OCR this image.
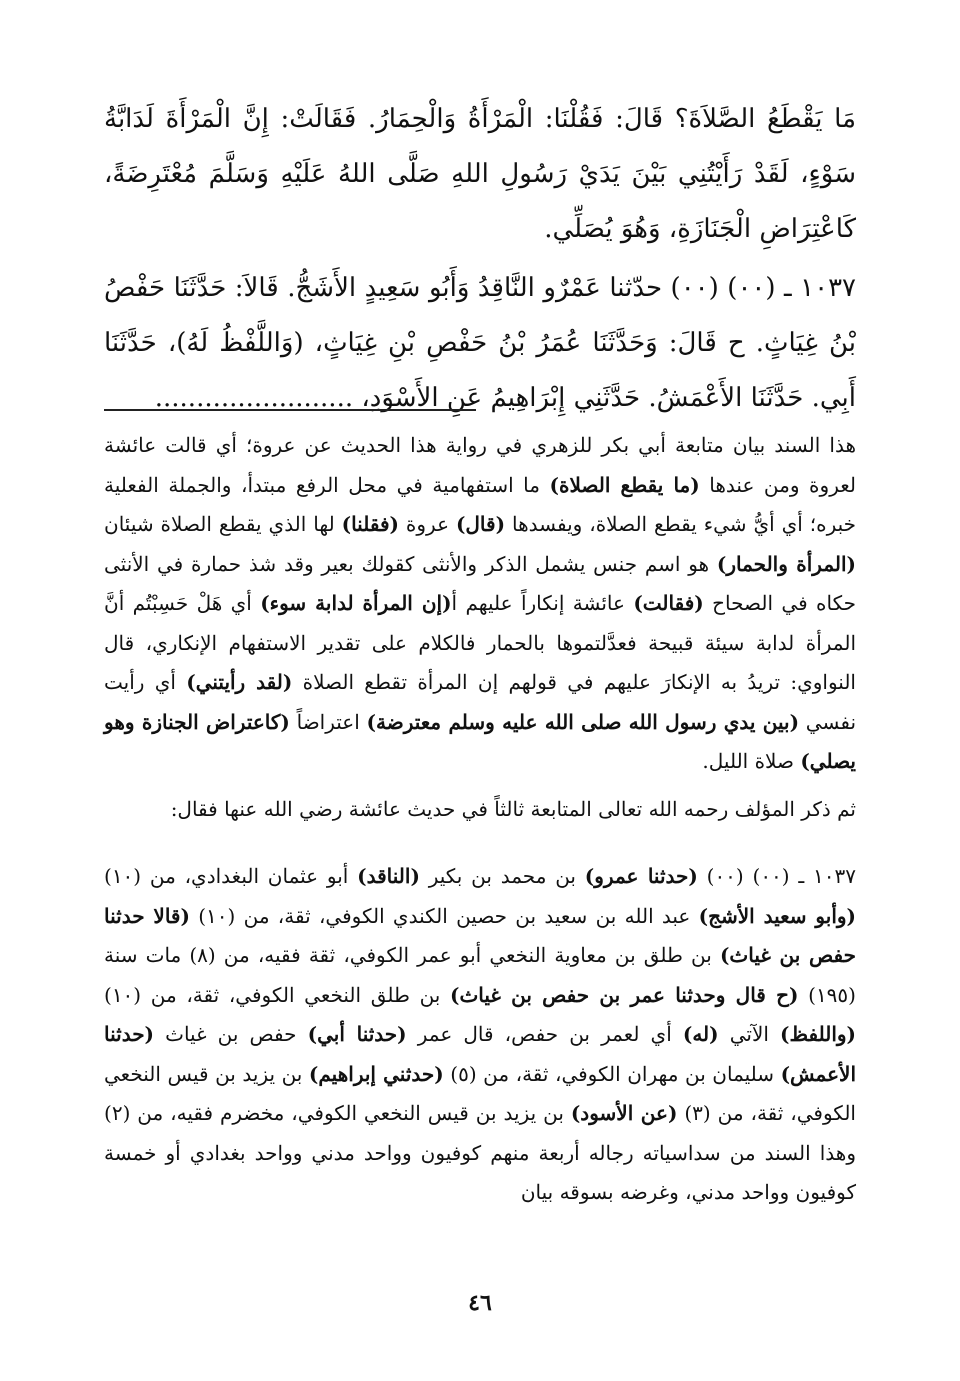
مَا يَقْطَعُ الصَّلاَةَ؟ قَالَ: فَقُلْنَا: الْمَرْأَةُ وَالْحِمَارُ. فَقَالَتْ: إِنَّ الْمَرْأَةَ لَدَابَّةُ سَوْءٍ، لَقَدْ رَأَيْتُنِي بَيْنَ يَدَيْ رَسُولِ اللهِ صَلَّى اللهُ عَلَيْهِ وَسَلَّمَ مُعْتَرِضَةً، كَاعْتِرَاضِ الْجَنَازَةِ، وَهُوَ يُصَلِّي.

١٠٣٧ ـ (٠٠) (٠٠) حدّثنا عَمْرٌو النَّاقِدُ وَأَبُو سَعِيدٍ الأَشَجُّ. قَالاَ: حَدَّثَنَا حَفْصُ بْنُ غِيَاثٍ. ح قَالَ: وَحَدَّثَنَا عُمَرُ بْنُ حَفْصِ بْنِ غِيَاثٍ، (وَاللَّفْظُ لَهُ)، حَدَّثَنَا أَبِي. حَدَّثَنَا الأَعْمَشُ. حَدَّثَنِي إِبْرَاهِيمُ عَنِ الأَسْوَدِ، ........................

هذا السند بيان متابعة أبي بكر للزهري في رواية هذا الحديث عن عروة؛ أي قالت عائشة لعروة ومن عندها (ما يقطع الصلاة) ما استفهامية في محل الرفع مبتدأ، والجملة الفعلية خبره؛ أي أيُّ شيء يقطع الصلاة، ويفسدها (قال) عروة (فقلنا) لها الذي يقطع الصلاة شيئان (المرأة والحمار) هو اسم جنس يشمل الذكر والأنثى كقولك بعير وقد شذ حمارة في الأنثى حكاه في الصحاح (فقالت) عائشة إنكاراً عليهم أ(إن المرأة لدابة سوء) أي هَلْ حَسِبْتُم أنَّ المرأة لدابة سيئة قبيحة فعدَّلتموها بالحمار فالكلام على تقدير الاستفهام الإنكاري، قال النواوي: تريدُ به الإنكارَ عليهم في قولهم إن المرأة تقطع الصلاة (لقد رأيتني) أي رأيت نفسي (بين يدي رسول الله صلى الله عليه وسلم معترضة) اعتراضاً (كاعتراض الجنازة وهو يصلي) صلاة الليل.

ثم ذكر المؤلف رحمه الله تعالى المتابعة ثالثاً في حديث عائشة رضي الله عنها فقال:

١٠٣٧ ـ (٠٠) (٠٠) (حدثنا عمرو) بن محمد بن بكير (الناقد) أبو عثمان البغدادي، من (١٠) (وأبو سعيد الأشج) عبد الله بن سعيد بن حصين الكندي الكوفي، ثقة، من (١٠) (قالا حدثنا حفص بن غياث) بن طلق بن معاوية النخعي أبو عمر الكوفي، ثقة فقيه، من (٨) مات سنة (١٩٥) (ح قال وحدثنا عمر بن حفص بن غياث) بن طلق النخعي الكوفي، ثقة، من (١٠) (واللفظ) الآتي (له) أي لعمر بن حفص، قال عمر (حدثنا أبي) حفص بن غياث (حدثنا الأعمش) سليمان بن مهران الكوفي، ثقة، من (٥) (حدثني إبراهيم) بن يزيد بن قيس النخعي الكوفي، ثقة، من (٣) (عن الأسود) بن يزيد بن قيس النخعي الكوفي، مخضرم فقيه، من (٢) وهذا السند من سداسياته رجاله أربعة منهم كوفيون وواحد مدني وواحد بغدادي أو خمسة كوفيون وواحد مدني، وغرضه بسوقه بيان

٤٦
